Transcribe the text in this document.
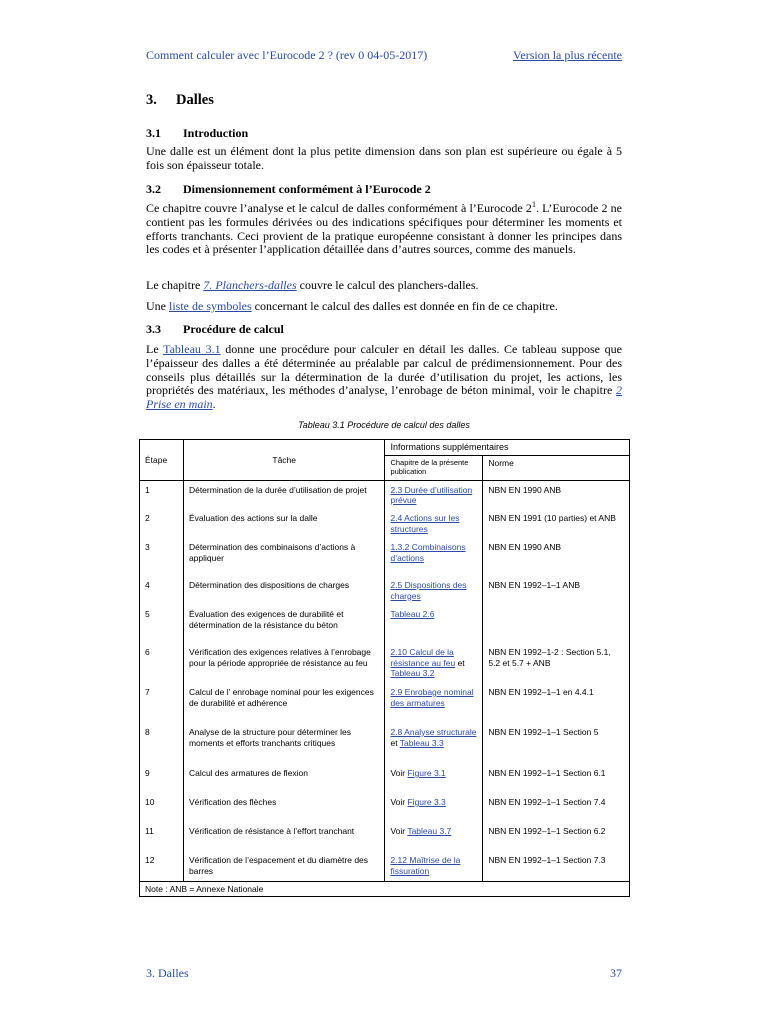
Comment calculer avec l’Eurocode 2 ? (rev 0 04-05-2017)	Version la plus récente
3. Dalles
3.1 Introduction

Une dalle est un élément dont la plus petite dimension dans son plan est supérieure ou égale à 5 fois son épaisseur totale.

3.2 Dimensionnement conformément à l’Eurocode 2

Ce chapitre couvre l’analyse et le calcul de dalles conformément à l’Eurocode $2^1$. L’Eurocode 2 ne contient pas les formules dérivées ou des indications spécifiques pour déterminer les moments et efforts tranchants. Ceci provient de la pratique européenne consistant à donner les principes dans les codes et à présenter l’application détaillée dans d’autres sources, comme des manuels.

Le chapitre 7. Planchers-dalles couvre le calcul des planchers-dalles.

Une liste de symboles concernant le calcul des dalles est donnée en fin de ce chapitre.

3.3 Procédure de calcul

Le Tableau 3.1 donne une procédure pour calculer en détail les dalles. Ce tableau suppose que l’épaisseur des dalles a été déterminée au préalable par calcul de prédimensionnement. Pour des conseils plus détaillés sur la détermination de la durée d’utilisation du projet, les actions, les propriétés des matériaux, les méthodes d’analyse, l’enrobage de béton minimal, voir le chapitre 2 Prise en main.

Tableau 3.1 Procédure de calcul des dalles
Étape	Tâche	Informations supplémentaires	
		Chapitre de la présente publication	Norme
1	Détermination de la durée d’utilisation de projet	2.3 Durée d’utilisation prévue	NBN EN 1990 ANB
2	Évaluation des actions sur la dalle	2.4 Actions sur les structures	NBN EN 1991 (10 parties) et ANB
3	Détermination des combinaisons d’actions à appliquer	1.3.2 Combinaisons d’actions	NBN EN 1990 ANB
4	Détermination des dispositions de charges	2.5 Dispositions des charges	NBN EN 1992–1–1 ANB
5	Évaluation des exigences de durabilité et détermination de la résistance du béton	Tableau 2.6	
6	Vérification des exigences relatives à l’enrobage pour la période appropriée de résistance au feu	2.10 Calcul de la résistance au feu et Tableau 3.2	NBN EN 1992–1-2 : Section 5.1, 5.2 et 5.7 + ANB
7	Calcul de l’ enrobage nominal pour les exigences de durabilité et adhérence	2.9 Enrobage nominal des armatures	NBN EN 1992–1–1 en 4.4.1
8	Analyse de la structure pour déterminer les moments et efforts tranchants critiques	2.8 Analyse structurale et Tableau 3.3	NBN EN 1992–1–1 Section 5
9	Calcul des armatures de flexion	Voir Figure 3.1	NBN EN 1992–1–1 Section 6.1
10	Vérification des flèches	Voir Figure 3.3	NBN EN 1992–1–1 Section 7.4
11	Vérification de résistance à l’effort tranchant	Voir Tableau 3.7	NBN EN 1992–1–1 Section 6.2
12	Vérification de l’espacement et du diamètre des barres	2.12 Maîtrise de la fissuration	NBN EN 1992–1–1 Section 7.3
Note : ANB = Annexe Nationale			
3. Dalles	37
